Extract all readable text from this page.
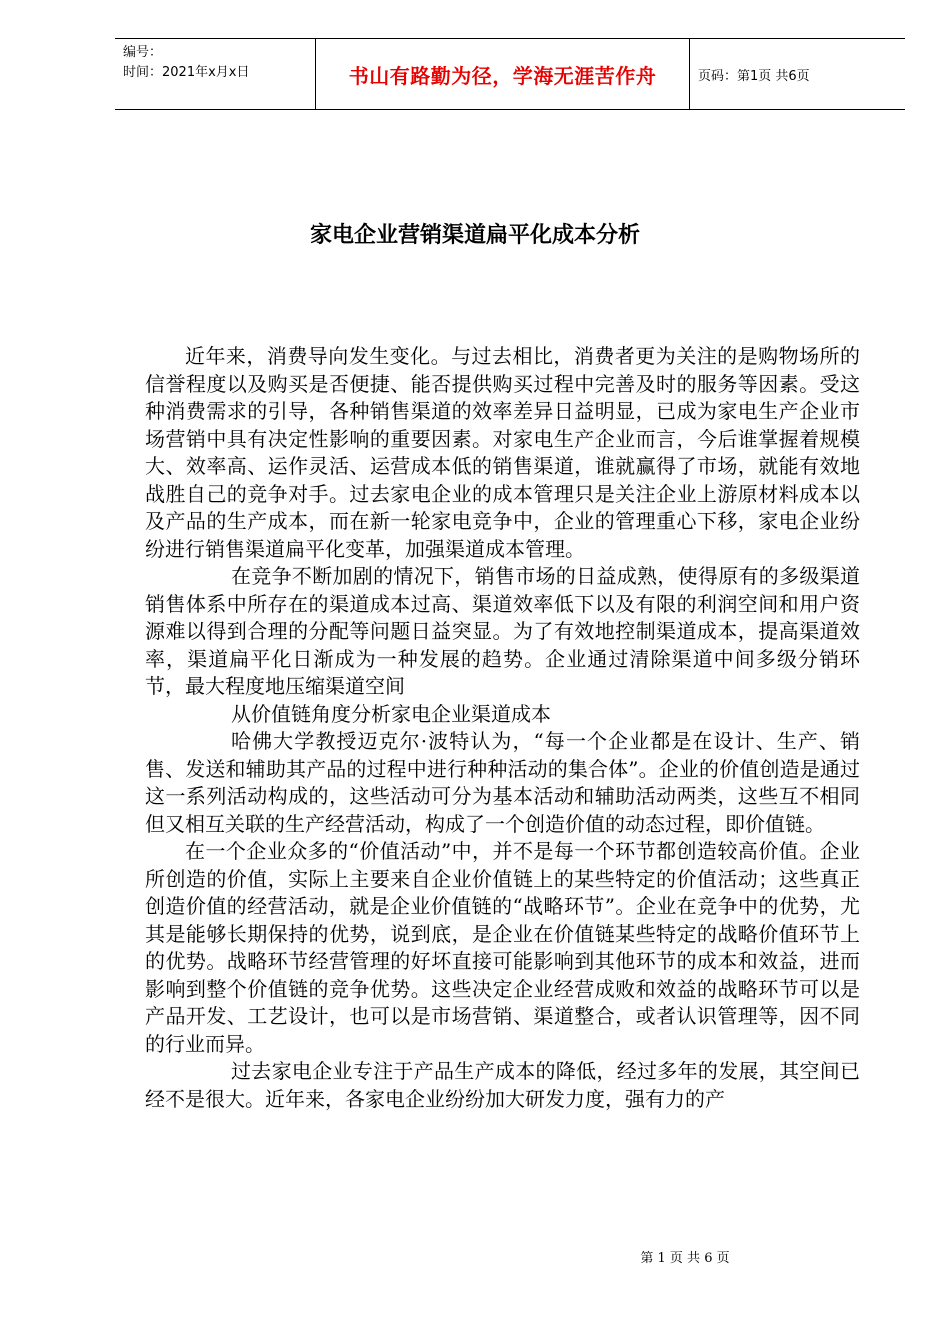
编号：
时间：2021年x月x日	书山有路勤为径，学海无涯苦作舟	页码：第1页 共6页
家电企业营销渠道扁平化成本分析

近年来，消费导向发生变化。与过去相比，消费者更为关注的是购物场所的信誉程度以及购买是否便捷、能否提供购买过程中完善及时的服务等因素。受这种消费需求的引导，各种销售渠道的效率差异日益明显，已成为家电生产企业市场营销中具有决定性影响的重要因素。对家电生产企业而言，今后谁掌握着规模大、效率高、运作灵活、运营成本低的销售渠道，谁就赢得了市场，就能有效地战胜自己的竞争对手。过去家电企业的成本管理只是关注企业上游原材料成本以及产品的生产成本，而在新一轮家电竞争中，企业的管理重心下移，家电企业纷纷进行销售渠道扁平化变革，加强渠道成本管理。

在竞争不断加剧的情况下，销售市场的日益成熟，使得原有的多级渠道销售体系中所存在的渠道成本过高、渠道效率低下以及有限的利润空间和用户资源难以得到合理的分配等问题日益突显。为了有效地控制渠道成本，提高渠道效率，渠道扁平化日渐成为一种发展的趋势。企业通过清除渠道中间多级分销环节，最大程度地压缩渠道空间

从价值链角度分析家电企业渠道成本

哈佛大学教授迈克尔·波特认为，“每一个企业都是在设计、生产、销售、发送和辅助其产品的过程中进行种种活动的集合体”。企业的价值创造是通过这一系列活动构成的，这些活动可分为基本活动和辅助活动两类，这些互不相同但又相互关联的生产经营活动，构成了一个创造价值的动态过程，即价值链。

在一个企业众多的“价值活动”中，并不是每一个环节都创造较高价值。企业所创造的价值，实际上主要来自企业价值链上的某些特定的价值活动；这些真正创造价值的经营活动，就是企业价值链的“战略环节”。企业在竞争中的优势，尤其是能够长期保持的优势，说到底，是企业在价值链某些特定的战略价值环节上的优势。战略环节经营管理的好坏直接可能影响到其他环节的成本和效益，进而影响到整个价值链的竞争优势。这些决定企业经营成败和效益的战略环节可以是产品开发、工艺设计，也可以是市场营销、渠道整合，或者认识管理等，因不同的行业而异。

过去家电企业专注于产品生产成本的降低，经过多年的发展，其空间已经不是很大。近年来，各家电企业纷纷加大研发力度，强有力的产

第 1 页 共 6 页
